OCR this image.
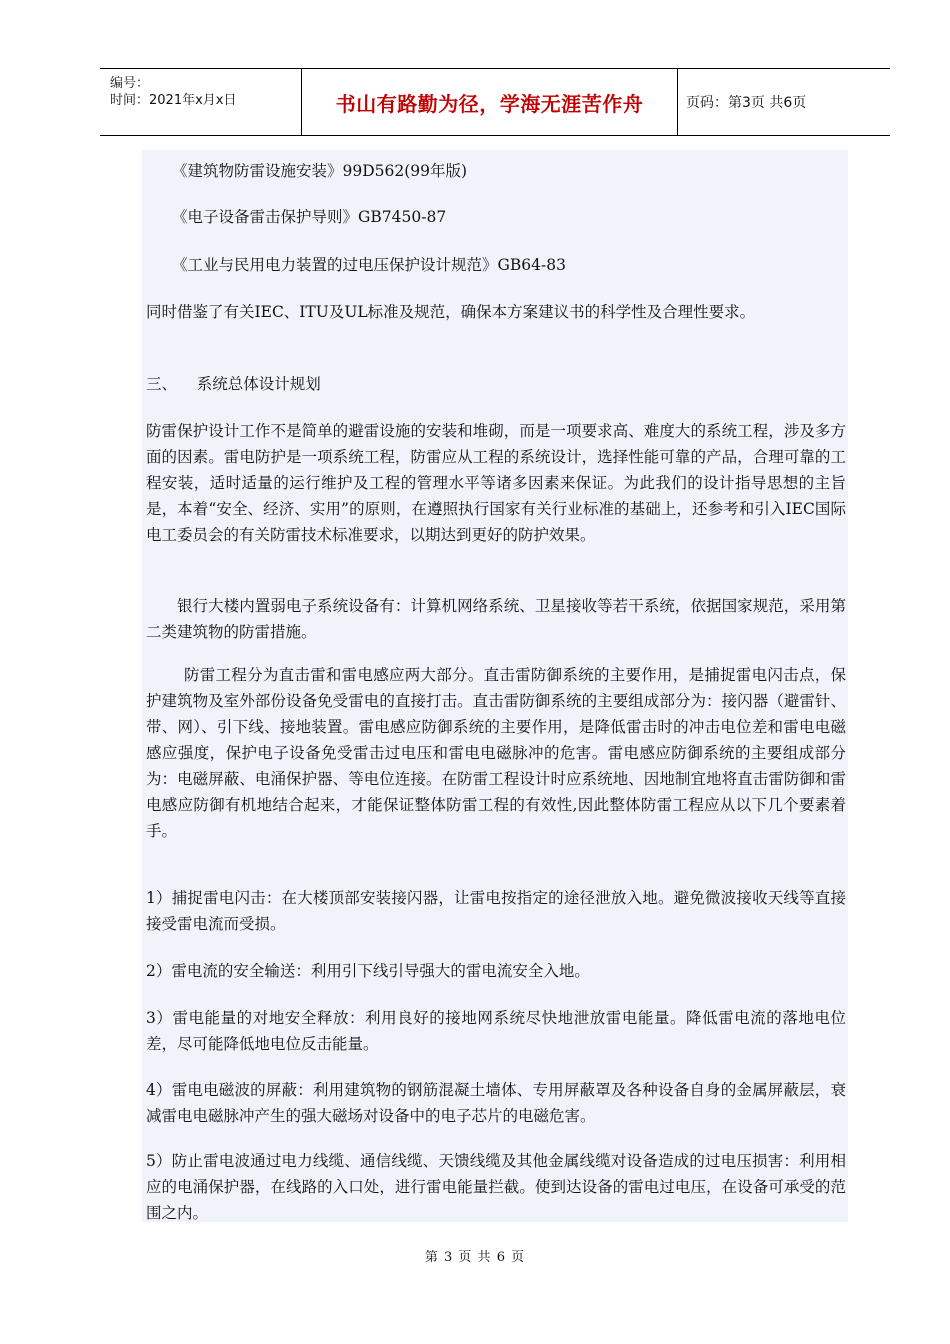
编号：
时间：2021年x月x日	书山有路勤为径，学海无涯苦作舟	页码：第3页 共6页

《建筑物防雷设施安装》99D562(99年版)

《电子设备雷击保护导则》GB7450-87

《工业与民用电力装置的过电压保护设计规范》GB64-83

同时借鉴了有关IEC、ITU及UL标准及规范，确保本方案建议书的科学性及合理性要求。

三、    系统总体设计规划

防雷保护设计工作不是简单的避雷设施的安装和堆砌，而是一项要求高、难度大的系统工程，涉及多方面的因素。雷电防护是一项系统工程，防雷应从工程的系统设计，选择性能可靠的产品，合理可靠的工程安装，适时适量的运行维护及工程的管理水平等诸多因素来保证。为此我们的设计指导思想的主旨是，本着“安全、经济、实用”的原则，在遵照执行国家有关行业标准的基础上，还参考和引入IEC国际电工委员会的有关防雷技术标准要求，以期达到更好的防护效果。

银行大楼内置弱电子系统设备有：计算机网络系统、卫星接收等若干系统，依据国家规范，采用第二类建筑物的防雷措施。

防雷工程分为直击雷和雷电感应两大部分。直击雷防御系统的主要作用，是捕捉雷电闪击点，保护建筑物及室外部份设备免受雷电的直接打击。直击雷防御系统的主要组成部分为：接闪器（避雷针、带、网）、引下线、接地装置。雷电感应防御系统的主要作用，是降低雷击时的冲击电位差和雷电电磁感应强度，保护电子设备免受雷击过电压和雷电电磁脉冲的危害。雷电感应防御系统的主要组成部分为：电磁屏蔽、电涌保护器、等电位连接。在防雷工程设计时应系统地、因地制宜地将直击雷防御和雷电感应防御有机地结合起来，才能保证整体防雷工程的有效性,因此整体防雷工程应从以下几个要素着手。

1）捕捉雷电闪击：在大楼顶部安装接闪器，让雷电按指定的途径泄放入地。避免微波接收天线等直接接受雷电流而受损。

2）雷电流的安全输送：利用引下线引导强大的雷电流安全入地。

3）雷电能量的对地安全释放：利用良好的接地网系统尽快地泄放雷电能量。降低雷电流的落地电位差，尽可能降低地电位反击能量。

4）雷电电磁波的屏蔽：利用建筑物的钢筋混凝土墙体、专用屏蔽罩及各种设备自身的金属屏蔽层，衰减雷电电磁脉冲产生的强大磁场对设备中的电子芯片的电磁危害。

5）防止雷电波通过电力线缆、通信线缆、天馈线缆及其他金属线缆对设备造成的过电压损害：利用相应的电涌保护器，在线路的入口处，进行雷电能量拦截。使到达设备的雷电过电压，在设备可承受的范围之内。

第 3 页 共 6 页
